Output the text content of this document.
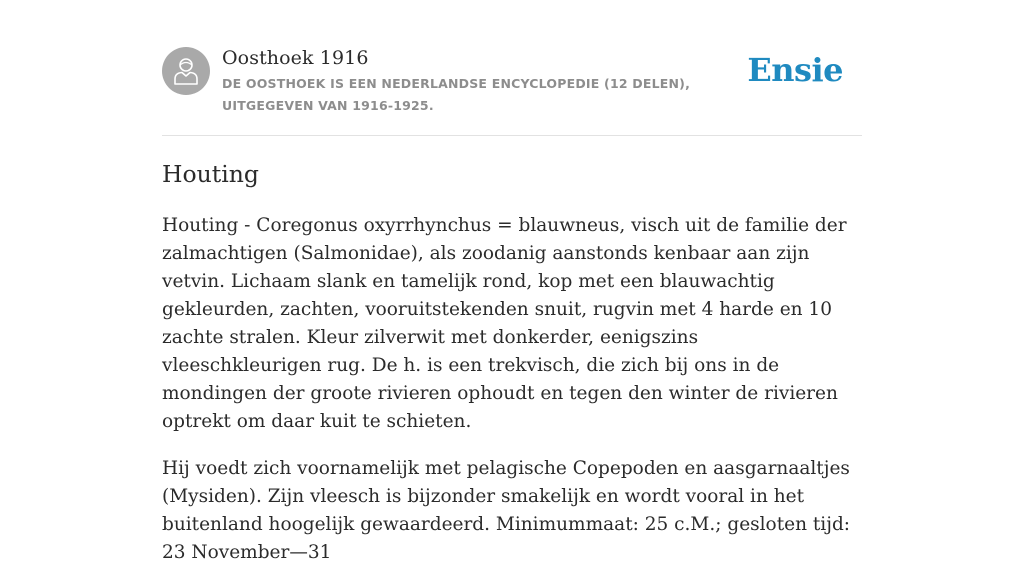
Oosthoek 1916
DE OOSTHOEK IS EEN NEDERLANDSE ENCYCLOPEDIE (12 DELEN), UITGEGEVEN VAN 1916-1925.
Ensie
Houting

Houting - Coregonus oxyrrhynchus = blauwneus, visch uit de familie der zalmachtigen (Salmonidae), als zoodanig aanstonds kenbaar aan zijn vetvin. Lichaam slank en tamelijk rond, kop met een blauwachtig gekleurden, zachten, vooruitstekenden snuit, rugvin met 4 harde en 10 zachte stralen. Kleur zilverwit met donkerder, eenigszins vleeschkleurigen rug. De h. is een trekvisch, die zich bij ons in de mondingen der groote rivieren ophoudt en tegen den winter de rivieren optrekt om daar kuit te schieten.

Hij voedt zich voornamelijk met pelagische Copepoden en aasgarnaaltjes (Mysiden). Zijn vleesch is bijzonder smakelijk en wordt vooral in het buitenland hoogelijk gewaardeerd. Minimummaat: 25 c.M.; gesloten tijd: 23 November—31
